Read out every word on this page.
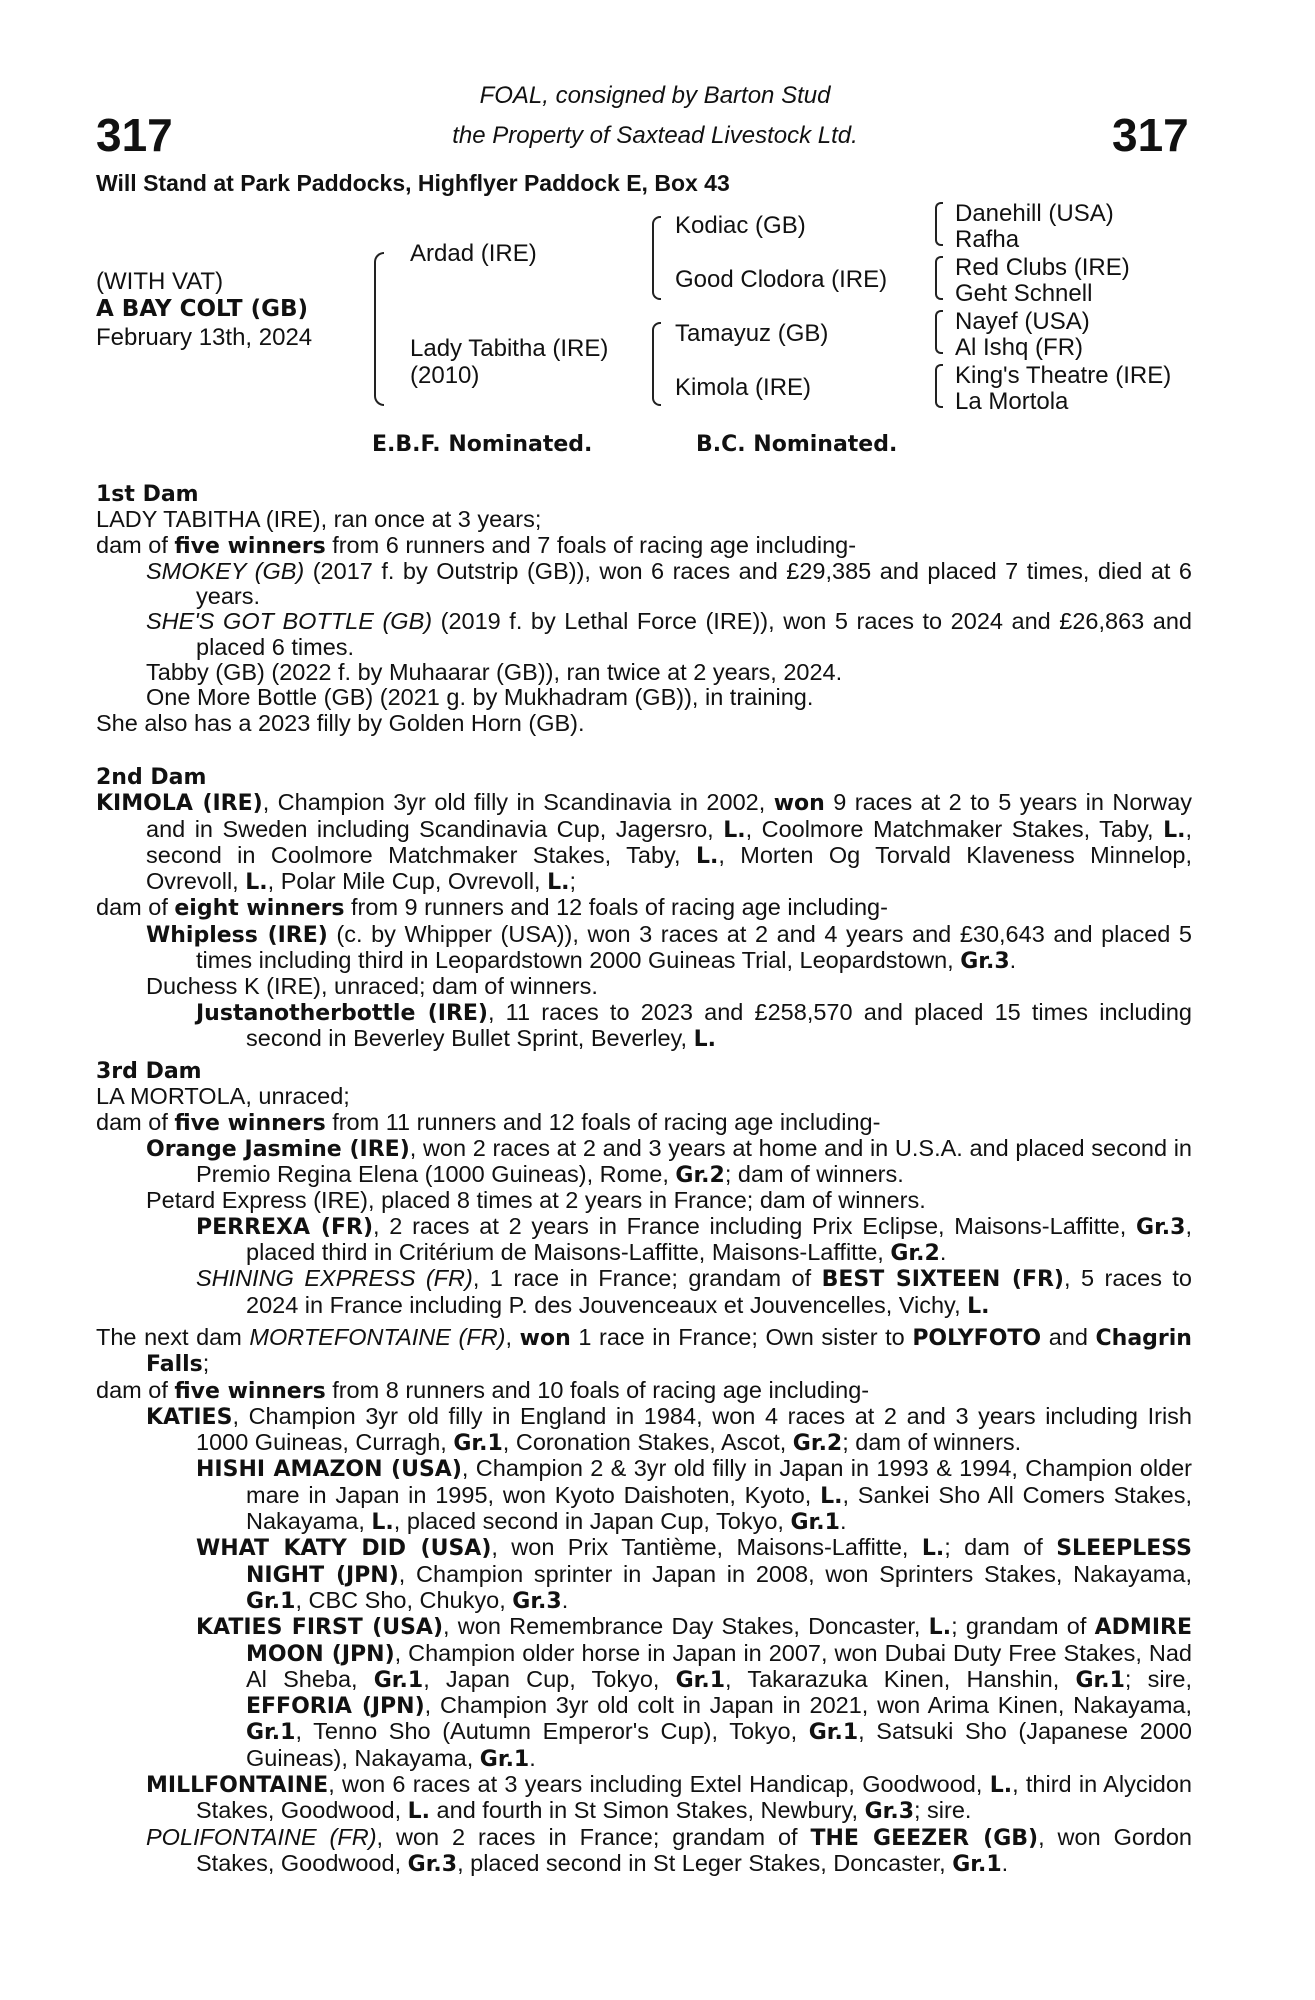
317	317
FOAL, consigned by Barton Stud
the Property of Saxtead Livestock Ltd.
Will Stand at Park Paddocks, Highflyer Paddock E, Box 43
(WITH VAT)
A BAY COLT (GB)
February 13th, 2024
Ardad (IRE)
Lady Tabitha (IRE)
(2010)
Kodiac (GB)
Good Clodora (IRE)
Tamayuz (GB)
Kimola (IRE)
Danehill (USA)
Rafha
Red Clubs (IRE)
Geht Schnell
Nayef (USA)
Al Ishq (FR)
King's Theatre (IRE)
La Mortola
E.B.F. Nominated.	B.C. Nominated.

1st Dam

LADY TABITHA (IRE), ran once at 3 years;

dam of five winners from 6 runners and 7 foals of racing age including-

SMOKEY (GB) (2017 f. by Outstrip (GB)), won 6 races and £29,385 and placed 7 times, died at 6 years.

SHE'S GOT BOTTLE (GB) (2019 f. by Lethal Force (IRE)), won 5 races to 2024 and £26,863 and placed 6 times.

Tabby (GB) (2022 f. by Muhaarar (GB)), ran twice at 2 years, 2024.

One More Bottle (GB) (2021 g. by Mukhadram (GB)), in training.

She also has a 2023 filly by Golden Horn (GB).

2nd Dam

KIMOLA (IRE), Champion 3yr old filly in Scandinavia in 2002, won 9 races at 2 to 5 years in Norway and in Sweden including Scandinavia Cup, Jagersro, L., Coolmore Matchmaker Stakes, Taby, L., second in Coolmore Matchmaker Stakes, Taby, L., Morten Og Torvald Klaveness Minnelop, Ovrevoll, L., Polar Mile Cup, Ovrevoll, L.;

dam of eight winners from 9 runners and 12 foals of racing age including-

Whipless (IRE) (c. by Whipper (USA)), won 3 races at 2 and 4 years and £30,643 and placed 5 times including third in Leopardstown 2000 Guineas Trial, Leopardstown, Gr.3.

Duchess K (IRE), unraced; dam of winners.

Justanotherbottle (IRE), 11 races to 2023 and £258,570 and placed 15 times including second in Beverley Bullet Sprint, Beverley, L.

3rd Dam

LA MORTOLA, unraced;

dam of five winners from 11 runners and 12 foals of racing age including-

Orange Jasmine (IRE), won 2 races at 2 and 3 years at home and in U.S.A. and placed second in Premio Regina Elena (1000 Guineas), Rome, Gr.2; dam of winners.

Petard Express (IRE), placed 8 times at 2 years in France; dam of winners.

PERREXA (FR), 2 races at 2 years in France including Prix Eclipse, Maisons-Laffitte, Gr.3, placed third in Critérium de Maisons-Laffitte, Maisons-Laffitte, Gr.2.

SHINING EXPRESS (FR), 1 race in France; grandam of BEST SIXTEEN (FR), 5 races to 2024 in France including P. des Jouvenceaux et Jouvencelles, Vichy, L.

The next dam MORTEFONTAINE (FR), won 1 race in France; Own sister to POLYFOTO and Chagrin Falls;

dam of five winners from 8 runners and 10 foals of racing age including-

KATIES, Champion 3yr old filly in England in 1984, won 4 races at 2 and 3 years including Irish 1000 Guineas, Curragh, Gr.1, Coronation Stakes, Ascot, Gr.2; dam of winners.

HISHI AMAZON (USA), Champion 2 & 3yr old filly in Japan in 1993 & 1994, Champion older mare in Japan in 1995, won Kyoto Daishoten, Kyoto, L., Sankei Sho All Comers Stakes, Nakayama, L., placed second in Japan Cup, Tokyo, Gr.1.

WHAT KATY DID (USA), won Prix Tantième, Maisons-Laffitte, L.; dam of SLEEPLESS NIGHT (JPN), Champion sprinter in Japan in 2008, won Sprinters Stakes, Nakayama, Gr.1, CBC Sho, Chukyo, Gr.3.

KATIES FIRST (USA), won Remembrance Day Stakes, Doncaster, L.; grandam of ADMIRE MOON (JPN), Champion older horse in Japan in 2007, won Dubai Duty Free Stakes, Nad Al Sheba, Gr.1, Japan Cup, Tokyo, Gr.1, Takarazuka Kinen, Hanshin, Gr.1; sire, EFFORIA (JPN), Champion 3yr old colt in Japan in 2021, won Arima Kinen, Nakayama, Gr.1, Tenno Sho (Autumn Emperor's Cup), Tokyo, Gr.1, Satsuki Sho (Japanese 2000 Guineas), Nakayama, Gr.1.

MILLFONTAINE, won 6 races at 3 years including Extel Handicap, Goodwood, L., third in Alycidon Stakes, Goodwood, L. and fourth in St Simon Stakes, Newbury, Gr.3; sire.

POLIFONTAINE (FR), won 2 races in France; grandam of THE GEEZER (GB), won Gordon Stakes, Goodwood, Gr.3, placed second in St Leger Stakes, Doncaster, Gr.1.
